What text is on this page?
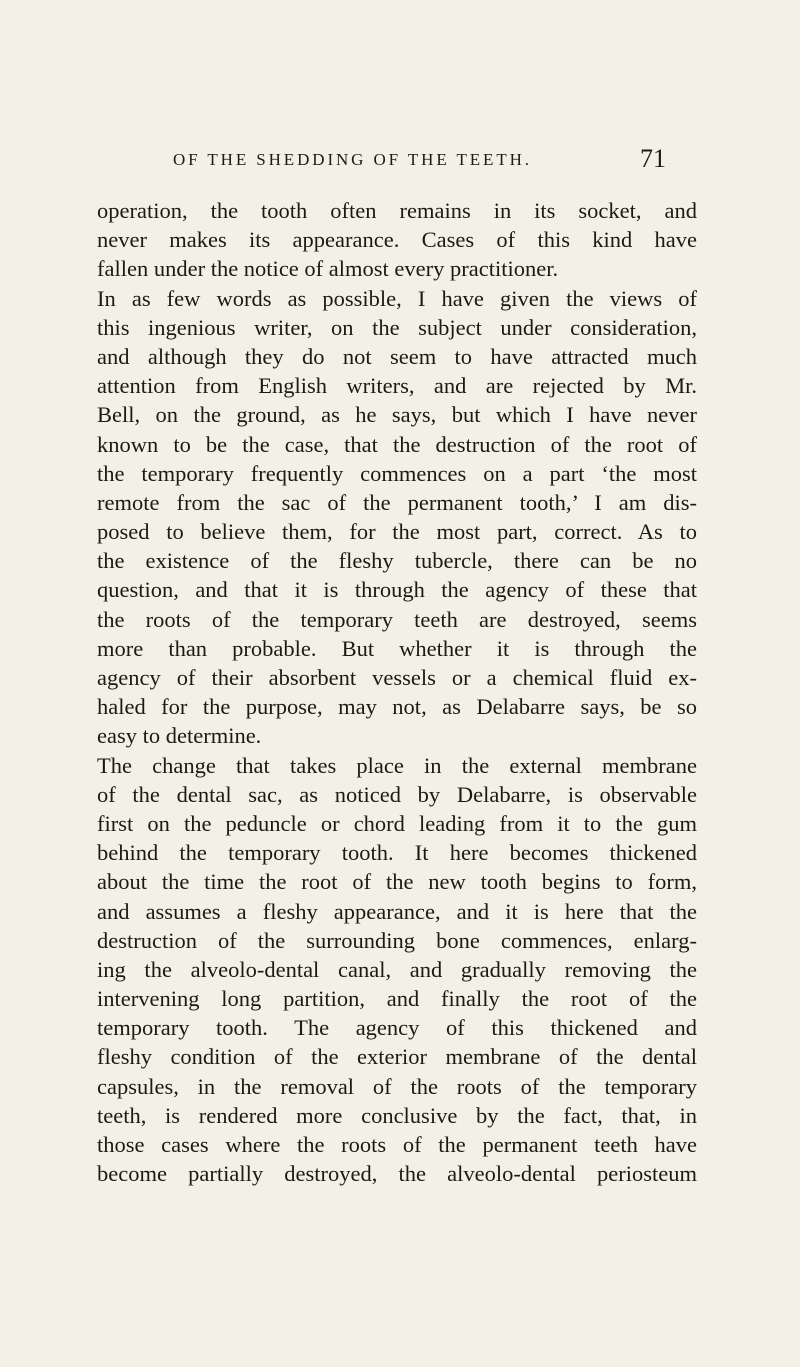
OF THE SHEDDING OF THE TEETH.	71
operation, the tooth often remains in its socket, and
never makes its appearance. Cases of this kind have
fallen under the notice of almost every practitioner.
In as few words as possible, I have given the views of
this ingenious writer, on the subject under consideration,
and although they do not seem to have attracted much
attention from English writers, and are rejected by Mr.
Bell, on the ground, as he says, but which I have never
known to be the case, that the destruction of the root of
the temporary frequently commences on a part ‘the most
remote from the sac of the permanent tooth,’ I am dis-
posed to believe them, for the most part, correct. As to
the existence of the fleshy tubercle, there can be no
question, and that it is through the agency of these that
the roots of the temporary teeth are destroyed, seems
more than probable. But whether it is through the
agency of their absorbent vessels or a chemical fluid ex-
haled for the purpose, may not, as Delabarre says, be so
easy to determine.
The change that takes place in the external membrane
of the dental sac, as noticed by Delabarre, is observable
first on the peduncle or chord leading from it to the gum
behind the temporary tooth. It here becomes thickened
about the time the root of the new tooth begins to form,
and assumes a fleshy appearance, and it is here that the
destruction of the surrounding bone commences, enlarg-
ing the alveolo-dental canal, and gradually removing the
intervening long partition, and finally the root of the
temporary tooth. The agency of this thickened and
fleshy condition of the exterior membrane of the dental
capsules, in the removal of the roots of the temporary
teeth, is rendered more conclusive by the fact, that, in
those cases where the roots of the permanent teeth have
become partially destroyed, the alveolo-dental periosteum
